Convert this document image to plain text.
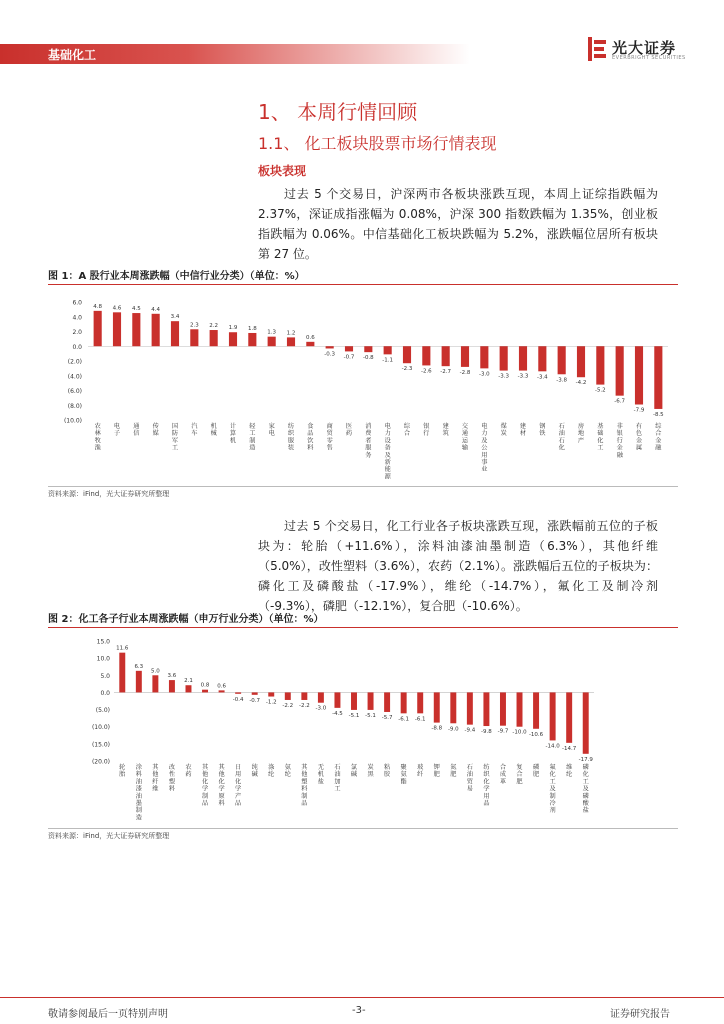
基础化工	光大证券
EVERBRIGHT SECURITIES
1、 本周行情回顾
1.1、 化工板块股票市场行情表现
板块表现
过去 5 个交易日，沪深两市各板块涨跌互现，本周上证综指跌幅为 2.37%，深证成指涨幅为 0.08%，沪深 300 指数跌幅为 1.35%，创业板指跌幅为 0.06%。中信基础化工板块跌幅为 5.2%，涨跌幅位居所有板块第 27 位。
图 1：A 股行业本周涨跌幅（中信行业分类）（单位：%）
6.0
4.0
2.0
0.0
(2.0)
(4.0)
(6.0)
(8.0)
(10.0)
4.8
农林牧渔
4.6
电子
4.5
通信
4.4
传媒
3.4
国防军工
2.3
汽车
2.2
机械
1.9
计算机
1.8
轻工制造
1.3
家电
1.2
纺织服装
0.6
食品饮料
-0.3
商贸零售
-0.7
医药
-0.8
消费者服务
-1.1
电力设备及新能源
-2.3
综合
-2.6
银行
-2.7
建筑
-2.8
交通运输
-3.0
电力及公用事业
-3.3
煤炭
-3.3
建材
-3.4
钢铁
-3.8
石油石化
-4.2
房地产
-5.2
基础化工
-6.7
非银行金融
-7.9
有色金属
-8.5
综合金融
资料来源：iFind，光大证券研究所整理
过去 5 个交易日，化工行业各子板块涨跌互现，涨跌幅前五位的子板块为：轮胎（+11.6%），涂料油漆油墨制造（6.3%），其他纤维（5.0%），改性塑料（3.6%），农药（2.1%）。涨跌幅后五位的子板块为：磷化工及磷酸盐（-17.9%），维纶（-14.7%），氟化工及制冷剂（-9.3%），磷肥（-12.1%），复合肥（-10.6%）。
图 2：化工各子行业本周涨跌幅（申万行业分类）（单位：%）
15.0
10.0
5.0
0.0
(5.0)
(10.0)
(15.0)
(20.0)
11.6
轮胎
6.3
涂料油漆油墨制造
5.0
其他纤维
3.6
改性塑料
2.1
农药
0.8
其他化学制品
0.6
其他化学原料
-0.4
日用化学产品
-0.7
纯碱
-1.2
涤纶
-2.2
氨纶
-2.2
其他塑料制品
-3.0
无机盐
-4.5
石油加工
-5.1
氯碱
-5.1
炭黑
-5.7
粘胶
-6.1
聚氨酯
-6.1
玻纤
-8.8
钾肥
-9.0
氮肥
-9.4
石油贸易
-9.8
纺织化学用品
-9.7
合成革
-10.0
复合肥
-10.6
磷肥
-14.0
氟化工及制冷剂
-14.7
维纶
-17.9
磷化工及磷酸盐
资料来源：iFind，光大证券研究所整理
敬请参阅最后一页特别声明	-3-	证券研究报告
